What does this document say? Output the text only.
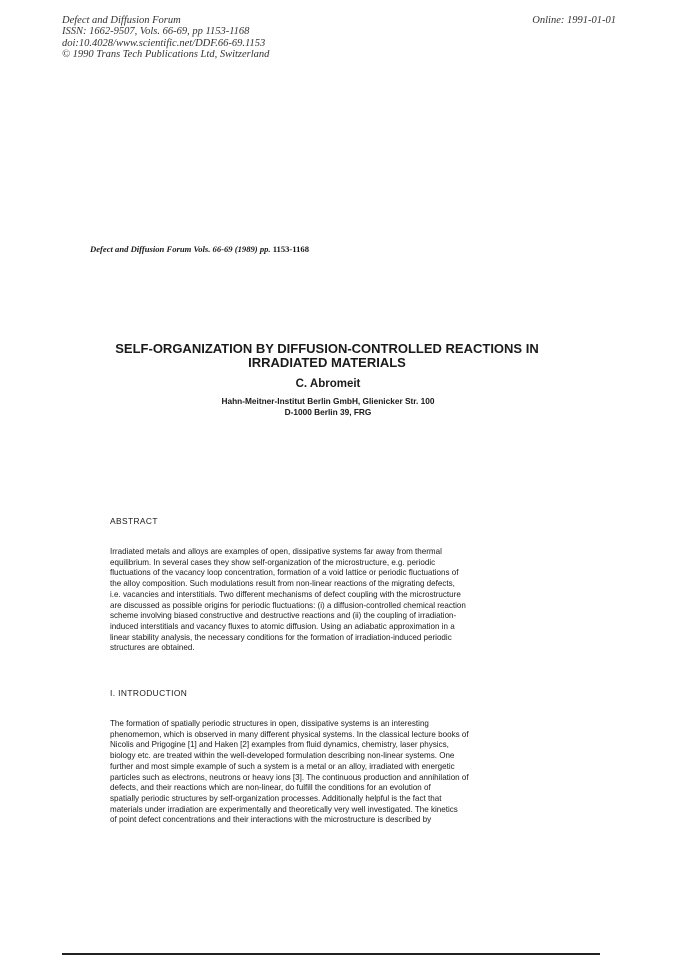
Defect and Diffusion Forum
ISSN: 1662-9507, Vols. 66-69, pp 1153-1168
doi:10.4028/www.scientific.net/DDF.66-69.1153
© 1990 Trans Tech Publications Ltd, Switzerland
Online: 1991-01-01
Defect and Diffusion Forum Vols. 66-69 (1989) pp. 1153-1168
SELF-ORGANIZATION BY DIFFUSION-CONTROLLED REACTIONS IN
IRRADIATED MATERIALS
C. Abromeit
Hahn-Meitner-Institut Berlin GmbH, Glienicker Str. 100
D-1000 Berlin 39, FRG
ABSTRACT
Irradiated metals and alloys are examples of open, dissipative systems far away from thermal
equilibrium. In several cases they show self-organization of the microstructure, e.g. periodic
fluctuations of the vacancy loop concentration, formation of a void lattice or periodic fluctuations of
the alloy composition. Such modulations result from non-linear reactions of the migrating defects,
i.e. vacancies and interstitials. Two different mechanisms of defect coupling with the microstructure
are discussed as possible origins for periodic fluctuations: (i) a diffusion-controlled chemical reaction
scheme involving biased constructive and destructive reactions and (ii) the coupling of irradiation-
induced interstitials and vacancy fluxes to atomic diffusion. Using an adiabatic approximation in a
linear stability analysis, the necessary conditions for the formation of irradiation-induced periodic
structures are obtained.
I. INTRODUCTION
The formation of spatially periodic structures in open, dissipative systems is an interesting
phenomemon, which is observed in many different physical systems. In the classical lecture books of
Nicolis and Prigogine [1] and Haken [2] examples from fluid dynamics, chemistry, laser physics,
biology etc. are treated within the well-developed formulation describing non-linear systems. One
further and most simple example of such a system is a metal or an alloy, irradiated with energetic
particles such as electrons, neutrons or heavy ions [3]. The continuous production and annihilation of
defects, and their reactions which are non-linear, do fulfill the conditions for an evolution of
spatially periodic structures by self-organization processes. Additionally helpful is the fact that
materials under irradiation are experimentally and theoretically very well investigated. The kinetics
of point defect concentrations and their interactions with the microstructure is described by
